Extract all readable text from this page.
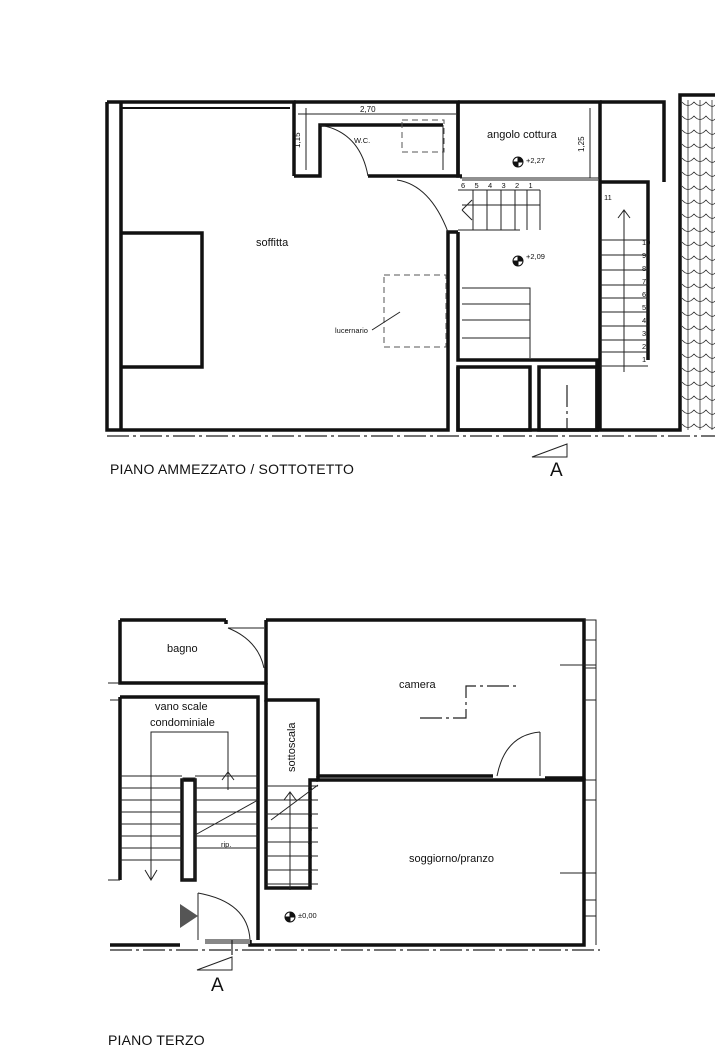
2,70
1,15	1,25
W.C.	angolo cottura
soffitta
lucernario
+2,27
+2,09
6 5 4 3 2 1
11
10
9
8
7
6
5
4
3
2
1
PIANO AMMEZZATO / SOTTOTETTO	A
bagno
camera
vano scale
condominiale	sottoscala
rip.
soggiorno/pranzo
±0,00
8
7
6
5
4
3
2
1
PIANO TERZO
A
